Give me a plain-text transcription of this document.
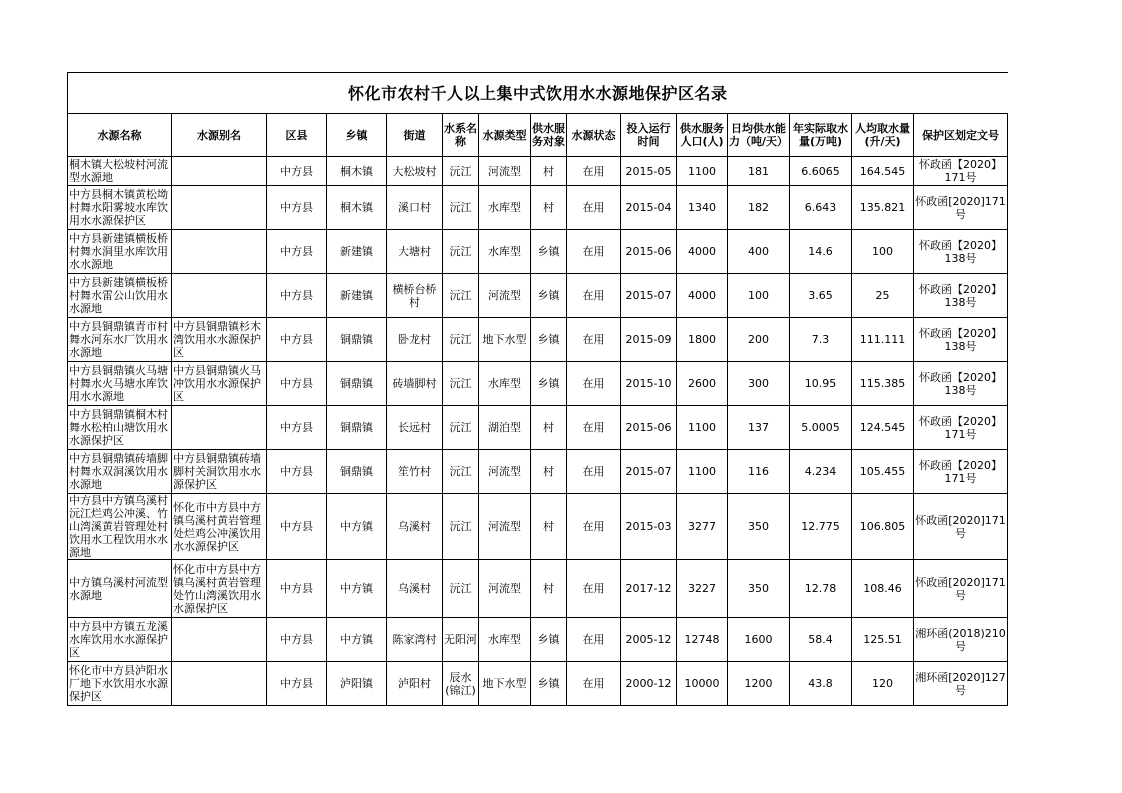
怀化市农村千人以上集中式饮用水水源地保护区名录														
水源名称	水源别名	区县	乡镇	街道	水系名称	水源类型	供水服务对象	水源状态	投入运行时间	供水服务人口(人)	日均供水能力（吨/天）	年实际取水量(万吨)	人均取水量(升/天)	保护区划定文号
桐木镇大松坡村河流型水源地		中方县	桐木镇	大松坡村	沅江	河流型	村	在用	2015-05	1100	181	6.6065	164.545	怀政函【2020】171号
中方县桐木镇黄松坳村舞水阳雾坡水库饮用水水源保护区		中方县	桐木镇	溪口村	沅江	水库型	村	在用	2015-04	1340	182	6.643	135.821	怀政函[2020]171号
中方县新建镇横板桥村舞水洞里水库饮用水水源地		中方县	新建镇	大塘村	沅江	水库型	乡镇	在用	2015-06	4000	400	14.6	100	怀政函【2020】138号
中方县新建镇横板桥村舞水雷公山饮用水水源地		中方县	新建镇	横桥台桥村	沅江	河流型	乡镇	在用	2015-07	4000	100	3.65	25	怀政函【2020】138号
中方县铜鼎镇青市村舞水河东水厂饮用水水源地	中方县铜鼎镇杉木湾饮用水水源保护区	中方县	铜鼎镇	卧龙村	沅江	地下水型	乡镇	在用	2015-09	1800	200	7.3	111.111	怀政函【2020】138号
中方县铜鼎镇火马塘村舞水火马塘水库饮用水水源地	中方县铜鼎镇火马冲饮用水水源保护区	中方县	铜鼎镇	砖墙脚村	沅江	水库型	乡镇	在用	2015-10	2600	300	10.95	115.385	怀政函【2020】138号
中方县铜鼎镇桐木村舞水松柏山塘饮用水水源保护区		中方县	铜鼎镇	长远村	沅江	湖泊型	村	在用	2015-06	1100	137	5.0005	124.545	怀政函【2020】171号
中方县铜鼎镇砖墙脚村舞水双洞溪饮用水水源地	中方县铜鼎镇砖墙脚村关洞饮用水水源保护区	中方县	铜鼎镇	笙竹村	沅江	河流型	村	在用	2015-07	1100	116	4.234	105.455	怀政函【2020】171号
中方县中方镇乌溪村沅江烂鸡公冲溪、竹山湾溪黄岩管理处村饮用水工程饮用水水源地	怀化市中方县中方镇乌溪村黄岩管理处烂鸡公冲溪饮用水水源保护区	中方县	中方镇	乌溪村	沅江	河流型	村	在用	2015-03	3277	350	12.775	106.805	怀政函[2020]171号
中方镇乌溪村河流型水源地	怀化市中方县中方镇乌溪村黄岩管理处竹山湾溪饮用水水源保护区	中方县	中方镇	乌溪村	沅江	河流型	村	在用	2017-12	3227	350	12.78	108.46	怀政函[2020]171号
中方县中方镇五龙溪水库饮用水水源保护区		中方县	中方镇	陈家湾村	无阳河	水库型	乡镇	在用	2005-12	12748	1600	58.4	125.51	湘环函(2018)210号
怀化市中方县泸阳水厂地下水饮用水水源保护区		中方县	泸阳镇	泸阳村	辰水(锦江)	地下水型	乡镇	在用	2000-12	10000	1200	43.8	120	湘环函[2020]127号
